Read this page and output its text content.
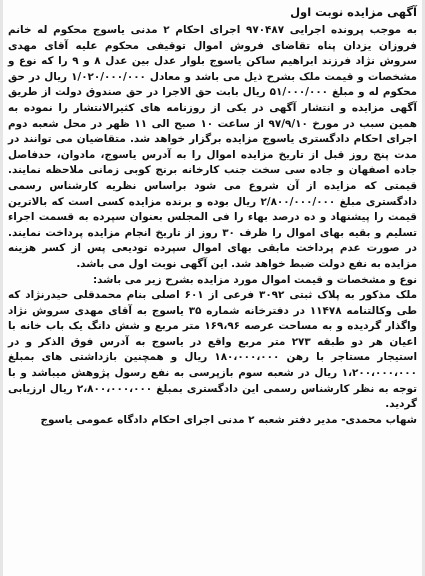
آگهی مزایده نوبت اول

به موجب پرونده اجرایی ۹۷۰۴۸۷ اجرای احکام ۲ مدنی یاسوج محکوم له خانم فروزان یزدان پناه تقاضای فروش اموال توقیفی محکوم علیه آقای مهدی سروش نژاد فرزند ابراهیم ساکن یاسوج بلوار عدل بین عدل ۸ و ۹ را که نوع و مشخصات و قیمت ملک بشرح ذیل می باشد و معادل ۱/۰۲۰/۰۰۰/۰۰۰ ریال در حق محکوم له و مبلغ ۵۱/۰۰۰/۰۰۰ ریال بابت حق الاجرا در حق صندوق دولت از طریق آگهی مزایده و انتشار آگهی در یکی از روزنامه های کثیرالانتشار را نموده به همین سبب در مورخ ۹۷/۹/۱۰ از ساعت ۱۰ صبح الی ۱۱ ظهر در محل شعبه دوم اجرای احکام دادگستری یاسوج مزایده برگزار خواهد شد. متقاضیان می توانند در مدت پنج روز قبل از تاریخ مزایده اموال را به آدرس یاسوج، مادوان، حدفاصل جاده اصفهان و جاده سی سخت جنب کارخانه برنج کوبی زمانی ملاحظه نمایند. قیمتی که مزایده از آن شروع می شود براساس نظریه کارشناس رسمی دادگستری مبلغ ۲/۸۰۰/۰۰۰/۰۰۰ ریال بوده و برنده مزایده کسی است که بالاترین قیمت را پیشنهاد و ده درصد بهاء را فی المجلس بعنوان سپرده به قسمت اجراء تسلیم و بقیه بهای اموال را ظرف ۳۰ روز از تاریخ انجام مزایده پرداخت نمایند. در صورت عدم پرداخت مابقی بهای اموال سپرده تودیعی پس از کسر هزینه مزایده به نفع دولت ضبط خواهد شد. این آگهی نوبت اول می باشد.

نوع و مشخصات و قیمت اموال مورد مزایده بشرح زیر می باشد:

ملک مذکور به پلاک ثبتی ۳۰۹۲ فرعی از ۶۰۱ اصلی بنام محمدقلی حیدرنژاد که طی وکالتنامه ۱۱۴۷۸ در دفترخانه شماره ۳۵ یاسوج به آقای مهدی سروش نژاد واگذار گردیده و به مساحت عرصه ۱۶۹،۹۶ متر مربع و شش دانگ یک باب خانه با اعیان هر دو طبقه ۲۷۳ متر مربع واقع در یاسوج به آدرس فوق الذکر و در استیجار مستاجر با رهن ۱۸۰،۰۰۰،۰۰۰ ریال و همچنین بازداشتی های بمبلغ ۱،۲۰۰،۰۰۰،۰۰۰ ریال در شعبه سوم بازپرسی به نفع رسول پژوهش میباشد و با توجه به نظر کارشناس رسمی این دادگستری بمبلغ ۲،۸۰۰،۰۰۰،۰۰۰ ریال ارزیابی گردید.

شهاب محمدی- مدیر دفتر شعبه ۲ مدنی اجرای احکام دادگاه عمومی یاسوج
